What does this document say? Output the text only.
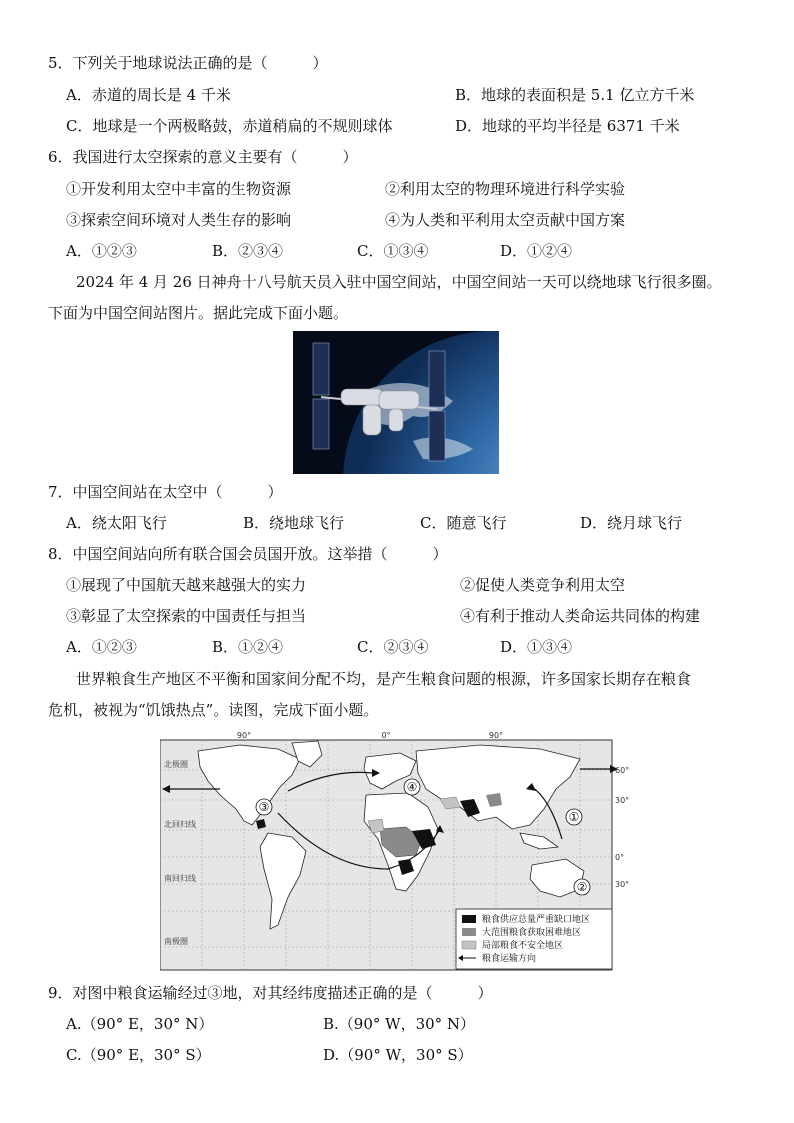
5．下列关于地球说法正确的是（　　　）
A．赤道的周长是 4 千米	B．地球的表面积是 5.1 亿立方千米
C．地球是一个两极略鼓，赤道稍扁的不规则球体	D．地球的平均半径是 6371 千米
6．我国进行太空探索的意义主要有（　　　）
①开发利用太空中丰富的生物资源	②利用太空的物理环境进行科学实验
③探索空间环境对人类生存的影响	④为人类和平利用太空贡献中国方案
A．①②③	B．②③④	C．①③④	D．①②④
2024 年 4 月 26 日神舟十八号航天员入驻中国空间站，中国空间站一天可以绕地球飞行很多圈。
下面为中国空间站图片。据此完成下面小题。
7．中国空间站在太空中（　　　）
A．绕太阳飞行	B．绕地球飞行	C．随意飞行	D．绕月球飞行
8．中国空间站向所有联合国会员国开放。这举措（　　　）
①展现了中国航天越来越强大的实力	②促使人类竞争利用太空
③彰显了太空探索的中国责任与担当	④有利于推动人类命运共同体的构建
A．①②③	B．①②④	C．②③④	D．①③④
世界粮食生产地区不平衡和国家间分配不均，是产生粮食问题的根源，许多国家长期存在粮食
危机，被视为“饥饿热点”。读图，完成下面小题。
③
④
①
②
90°	0°	90°
60°
30°
0°
30°
北极圈
北回归线
南回归线
南极圈
粮食供应总量严重缺口地区
大范围粮食获取困难地区
局部粮食不安全地区
粮食运输方向
9．对图中粮食运输经过③地，对其经纬度描述正确的是（　　　）
A.（90° E，30° N）	B.（90° W，30° N）
C.（90° E，30° S）	D.（90° W，30° S）
